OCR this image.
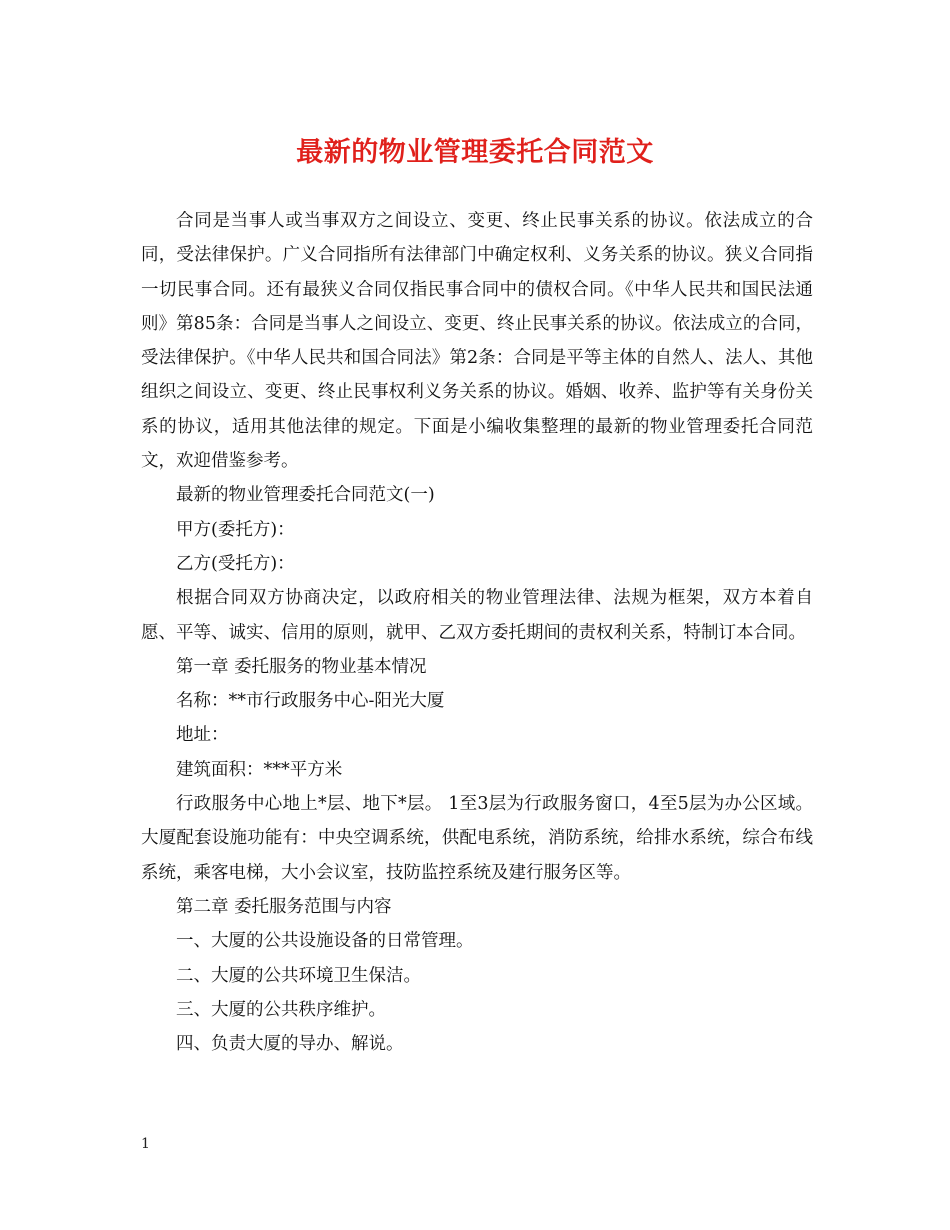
最新的物业管理委托合同范文

合同是当事人或当事双方之间设立、变更、终止民事关系的协议。依法成立的合同，受法律保护。广义合同指所有法律部门中确定权利、义务关系的协议。狭义合同指一切民事合同。还有最狭义合同仅指民事合同中的债权合同。《中华人民共和国民法通则》第85条：合同是当事人之间设立、变更、终止民事关系的协议。依法成立的合同，受法律保护。《中华人民共和国合同法》第2条：合同是平等主体的自然人、法人、其他组织之间设立、变更、终止民事权利义务关系的协议。婚姻、收养、监护等有关身份关系的协议，适用其他法律的规定。下面是小编收集整理的最新的物业管理委托合同范文，欢迎借鉴参考。

最新的物业管理委托合同范文(一)

甲方(委托方)：

乙方(受托方)：

根据合同双方协商决定，以政府相关的物业管理法律、法规为框架，双方本着自愿、平等、诚实、信用的原则，就甲、乙双方委托期间的责权利关系，特制订本合同。

第一章 委托服务的物业基本情况

名称：**市行政服务中心-阳光大厦

地址：

建筑面积：***平方米

行政服务中心地上*层、地下*层。 1至3层为行政服务窗口，4至5层为办公区域。大厦配套设施功能有：中央空调系统，供配电系统，消防系统，给排水系统，综合布线系统，乘客电梯，大小会议室，技防监控系统及建行服务区等。

第二章 委托服务范围与内容

一、大厦的公共设施设备的日常管理。

二、大厦的公共环境卫生保洁。

三、大厦的公共秩序维护。

四、负责大厦的导办、解说。

1
